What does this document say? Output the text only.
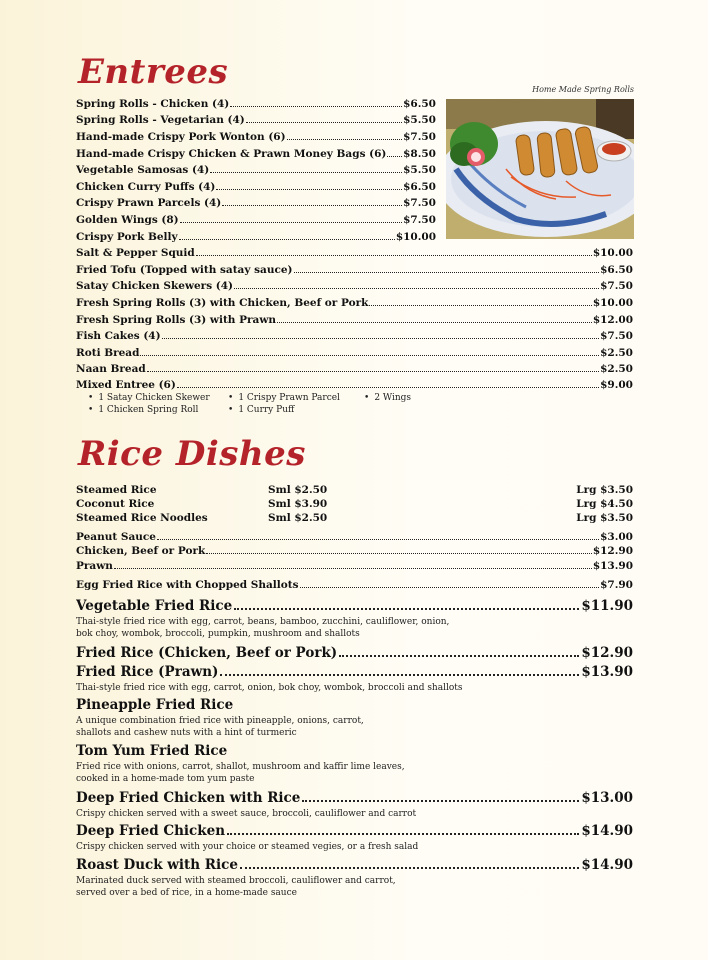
Entrees	Home Made Spring Rolls
Spring Rolls - Chicken (4)	$6.50
Spring Rolls - Vegetarian (4)	$5.50
Hand-made Crispy Pork Wonton (6)	$7.50
Hand-made Crispy Chicken & Prawn Money Bags (6) $8.50
Vegetable Samosas (4)	$5.50
Chicken Curry Puffs (4)	$6.50
Crispy Prawn Parcels (4)	$7.50
Golden Wings (8)	$7.50
Crispy Pork Belly	$10.00
Salt & Pepper Squid	$10.00
Fried Tofu (Topped with satay sauce)	$6.50
Satay Chicken Skewers (4)	$7.50
Fresh Spring Rolls (3) with Chicken, Beef or Pork	$10.00
Fresh Spring Rolls (3) with Prawn	$12.00
Fish Cakes (4)	$7.50
Roti Bread	$2.50
Naan Bread	$2.50
Mixed Entree (6)	$9.00
• 1 Satay Chicken Skewer	• 1 Crispy Prawn Parcel	• 2 Wings
• 1 Chicken Spring Roll	• 1 Curry Puff
Rice Dishes
Steamed Rice	Sml $2.50	Lrg $3.50
Coconut Rice	Sml $3.90	Lrg $4.50
Steamed Rice Noodles	Sml $2.50	Lrg $3.50
Peanut Sauce	$3.00
Chicken, Beef or Pork	$12.90
Prawn	$13.90
Egg Fried Rice with Chopped Shallots	$7.90
Vegetable Fried Rice	$11.90
Thai-style fried rice with egg, carrot, beans, bamboo, zucchini, cauliflower, onion,
bok choy, wombok, broccoli, pumpkin, mushroom and shallots
Fried Rice (Chicken, Beef or Pork)	$12.90
Fried Rice (Prawn)	$13.90
Thai-style fried rice with egg, carrot, onion, bok choy, wombok, broccoli and shallots
Pineapple Fried Rice
A unique combination fried rice with pineapple, onions, carrot,
shallots and cashew nuts with a hint of turmeric
Tom Yum Fried Rice
Fried rice with onions, carrot, shallot, mushroom and kaffir lime leaves,
cooked in a home-made tom yum paste
Deep Fried Chicken with Rice	$13.00
Crispy chicken served with a sweet sauce, broccoli, cauliflower and carrot
Deep Fried Chicken	$14.90
Crispy chicken served with your choice or steamed vegies, or a fresh salad
Roast Duck with Rice	$14.90
Marinated duck served with steamed broccoli, cauliflower and carrot,
served over a bed of rice, in a home-made sauce
